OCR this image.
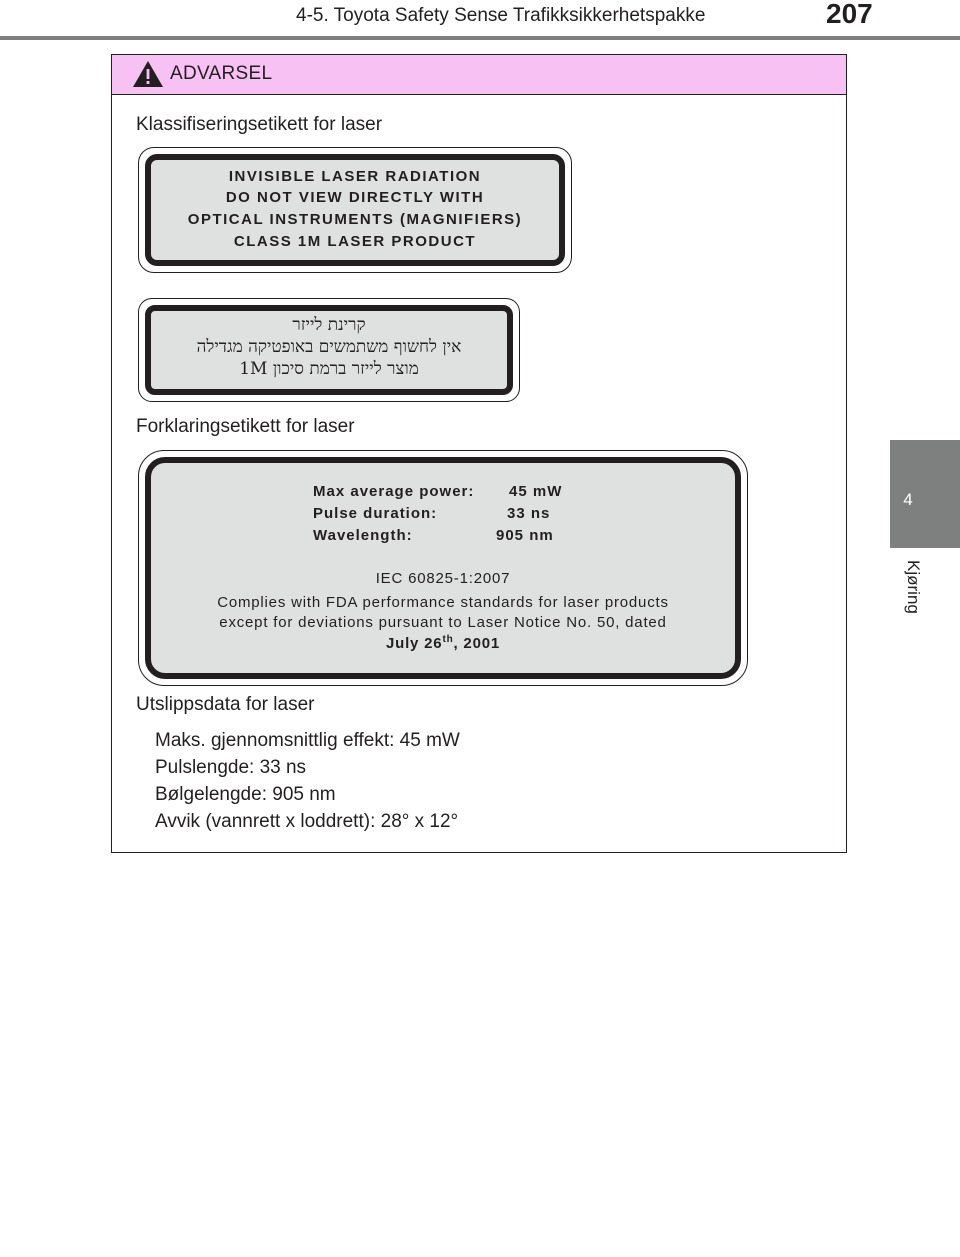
4-5. Toyota Safety Sense Trafikksikkerhetspakke	207
4
Kjøring
ADVARSEL
Klassifiseringsetikett for laser
INVISIBLE LASER RADIATION
DO NOT VIEW DIRECTLY WITH
OPTICAL INSTRUMENTS (MAGNIFIERS)
CLASS 1M LASER PRODUCT
קרינת לייזר
אין לחשוף משתמשים באופטיקה מגדילה
מוצר לייזר ברמת סיכון 1M
Forklaringsetikett for laser
Max average power: 45 mW
Pulse duration:	33 ns
Wavelength:	905 nm
IEC 60825-1:2007
Complies with FDA performance standards for laser products
except for deviations pursuant to Laser Notice No. 50, dated
July 26th, 2001
Utslippsdata for laser
Maks. gjennomsnittlig effekt: 45 mW
Pulslengde: 33 ns
Bølgelengde: 905 nm
Avvik (vannrett x loddrett): 28° x 12°
